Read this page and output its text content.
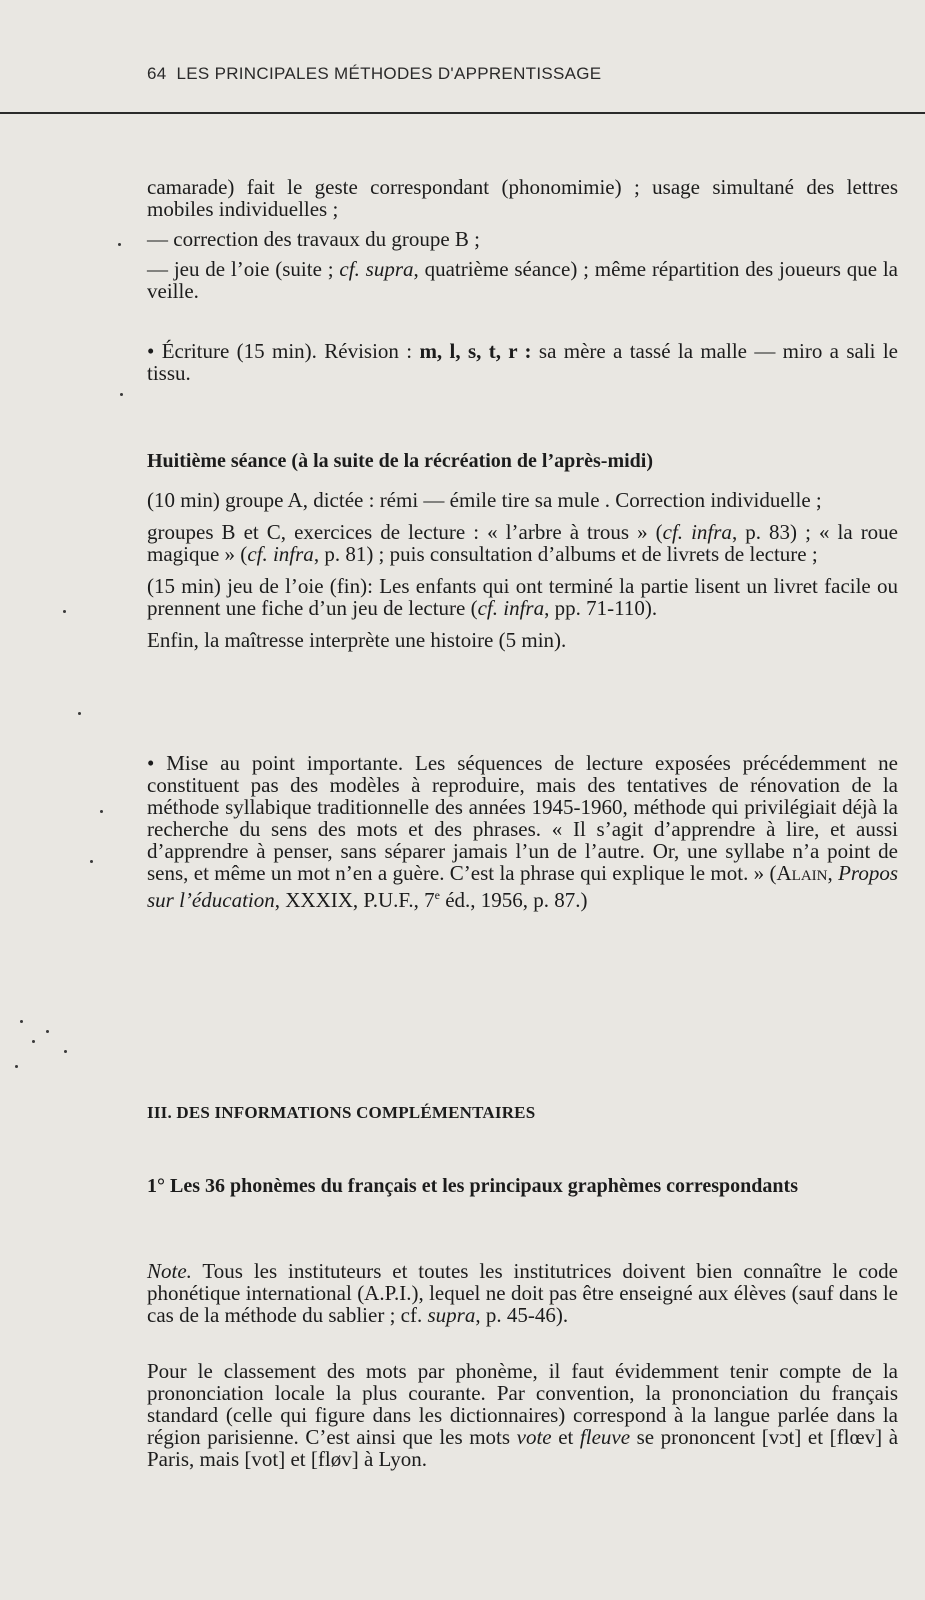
64 LES PRINCIPALES MÉTHODES D'APPRENTISSAGE

camarade) fait le geste correspondant (phonomimie) ; usage simultané des lettres mobiles individuelles ;

— correction des travaux du groupe B ;

— jeu de l’oie (suite ; cf. supra, quatrième séance) ; même répartition des joueurs que la veille.

• Écriture (15 min). Révision : m, l, s, t, r : sa mère a tassé la malle — miro a sali le tissu.

Huitième séance (à la suite de la récréation de l’après-midi)

(10 min) groupe A, dictée : rémi — émile tire sa mule . Correction individuelle ;

groupes B et C, exercices de lecture : « l’arbre à trous » (cf. infra, p. 83) ; « la roue magique » (cf. infra, p. 81) ; puis consultation d’albums et de livrets de lecture ;

(15 min) jeu de l’oie (fin): Les enfants qui ont terminé la partie lisent un livret facile ou prennent une fiche d’un jeu de lecture (cf. infra, pp. 71-110).

Enfin, la maîtresse interprète une histoire (5 min).

• Mise au point importante. Les séquences de lecture exposées précédemment ne constituent pas des modèles à reproduire, mais des tentatives de rénovation de la méthode syllabique traditionnelle des années 1945-1960, méthode qui privilégiait déjà la recherche du sens des mots et des phrases. « Il s’agit d’apprendre à lire, et aussi d’apprendre à penser, sans séparer jamais l’un de l’autre. Or, une syllabe n’a point de sens, et même un mot n’en a guère. C’est la phrase qui explique le mot. » (Alain, Propos sur l’éducation, XXXIX, P.U.F., 7e éd., 1956, p. 87.)

III. DES INFORMATIONS COMPLÉMENTAIRES
1° Les 36 phonèmes du français et les principaux graphèmes correspondants

Note. Tous les instituteurs et toutes les institutrices doivent bien connaître le code phonétique international (A.P.I.), lequel ne doit pas être enseigné aux élèves (sauf dans le cas de la méthode du sablier ; cf. supra, p. 45-46).

Pour le classement des mots par phonème, il faut évidemment tenir compte de la prononciation locale la plus courante. Par convention, la prononciation du français standard (celle qui figure dans les dictionnaires) correspond à la langue parlée dans la région parisienne. C’est ainsi que les mots vote et fleuve se prononcent [vɔt] et [flœv] à Paris, mais [vot] et [fløv] à Lyon.
